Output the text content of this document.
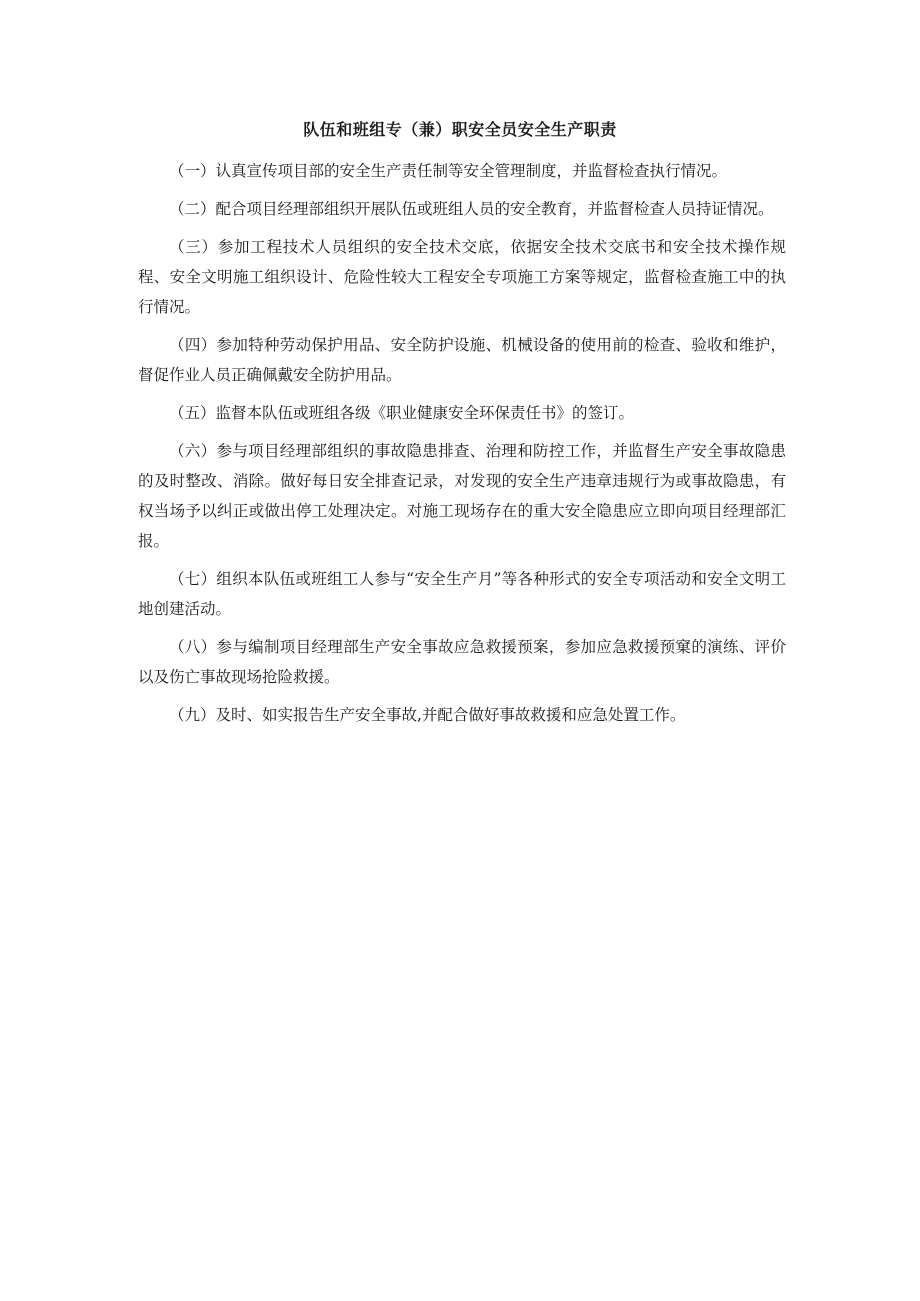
队伍和班组专（兼）职安全员安全生产职责

（一）认真宣传项目部的安全生产责任制等安全管理制度，并监督检查执行情况。

（二）配合项目经理部组织开展队伍或班组人员的安全教育，并监督检查人员持证情况。

（三）参加工程技术人员组织的安全技术交底，依据安全技术交底书和安全技术操作规程、安全文明施工组织设计、危险性较大工程安全专项施工方案等规定，监督检查施工中的执行情况。

（四）参加特种劳动保护用品、安全防护设施、机械设备的使用前的检查、验收和维护，督促作业人员正确佩戴安全防护用品。

（五）监督本队伍或班组各级《职业健康安全环保责任书》的签订。

（六）参与项目经理部组织的事故隐患排查、治理和防控工作，并监督生产安全事故隐患的及时整改、消除。做好每日安全排查记录，对发现的安全生产违章违规行为或事故隐患，有权当场予以纠正或做出停工处理决定。对施工现场存在的重大安全隐患应立即向项目经理部汇报。

（七）组织本队伍或班组工人参与“安全生产月”等各种形式的安全专项活动和安全文明工地创建活动。

（八）参与编制项目经理部生产安全事故应急救援预案，参加应急救援预窠的演练、评价以及伤亡事故现场抢险救援。

（九）及时、如实报告生产安全事故,并配合做好事故救援和应急处置工作。
